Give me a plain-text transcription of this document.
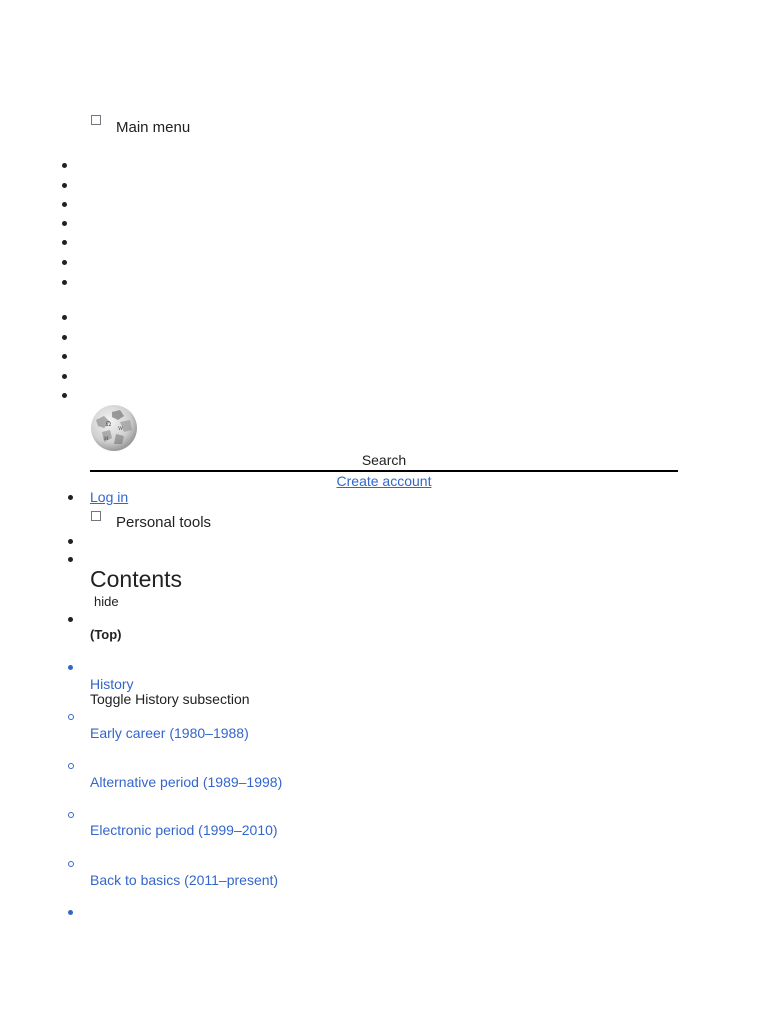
Main menu
Ω
W
И
Search
Create account
Log in
Personal tools
Contents
hide
(Top)
History
Toggle History subsection
Early career (1980–1988)
Alternative period (1989–1998)
Electronic period (1999–2010)
Back to basics (2011–present)
